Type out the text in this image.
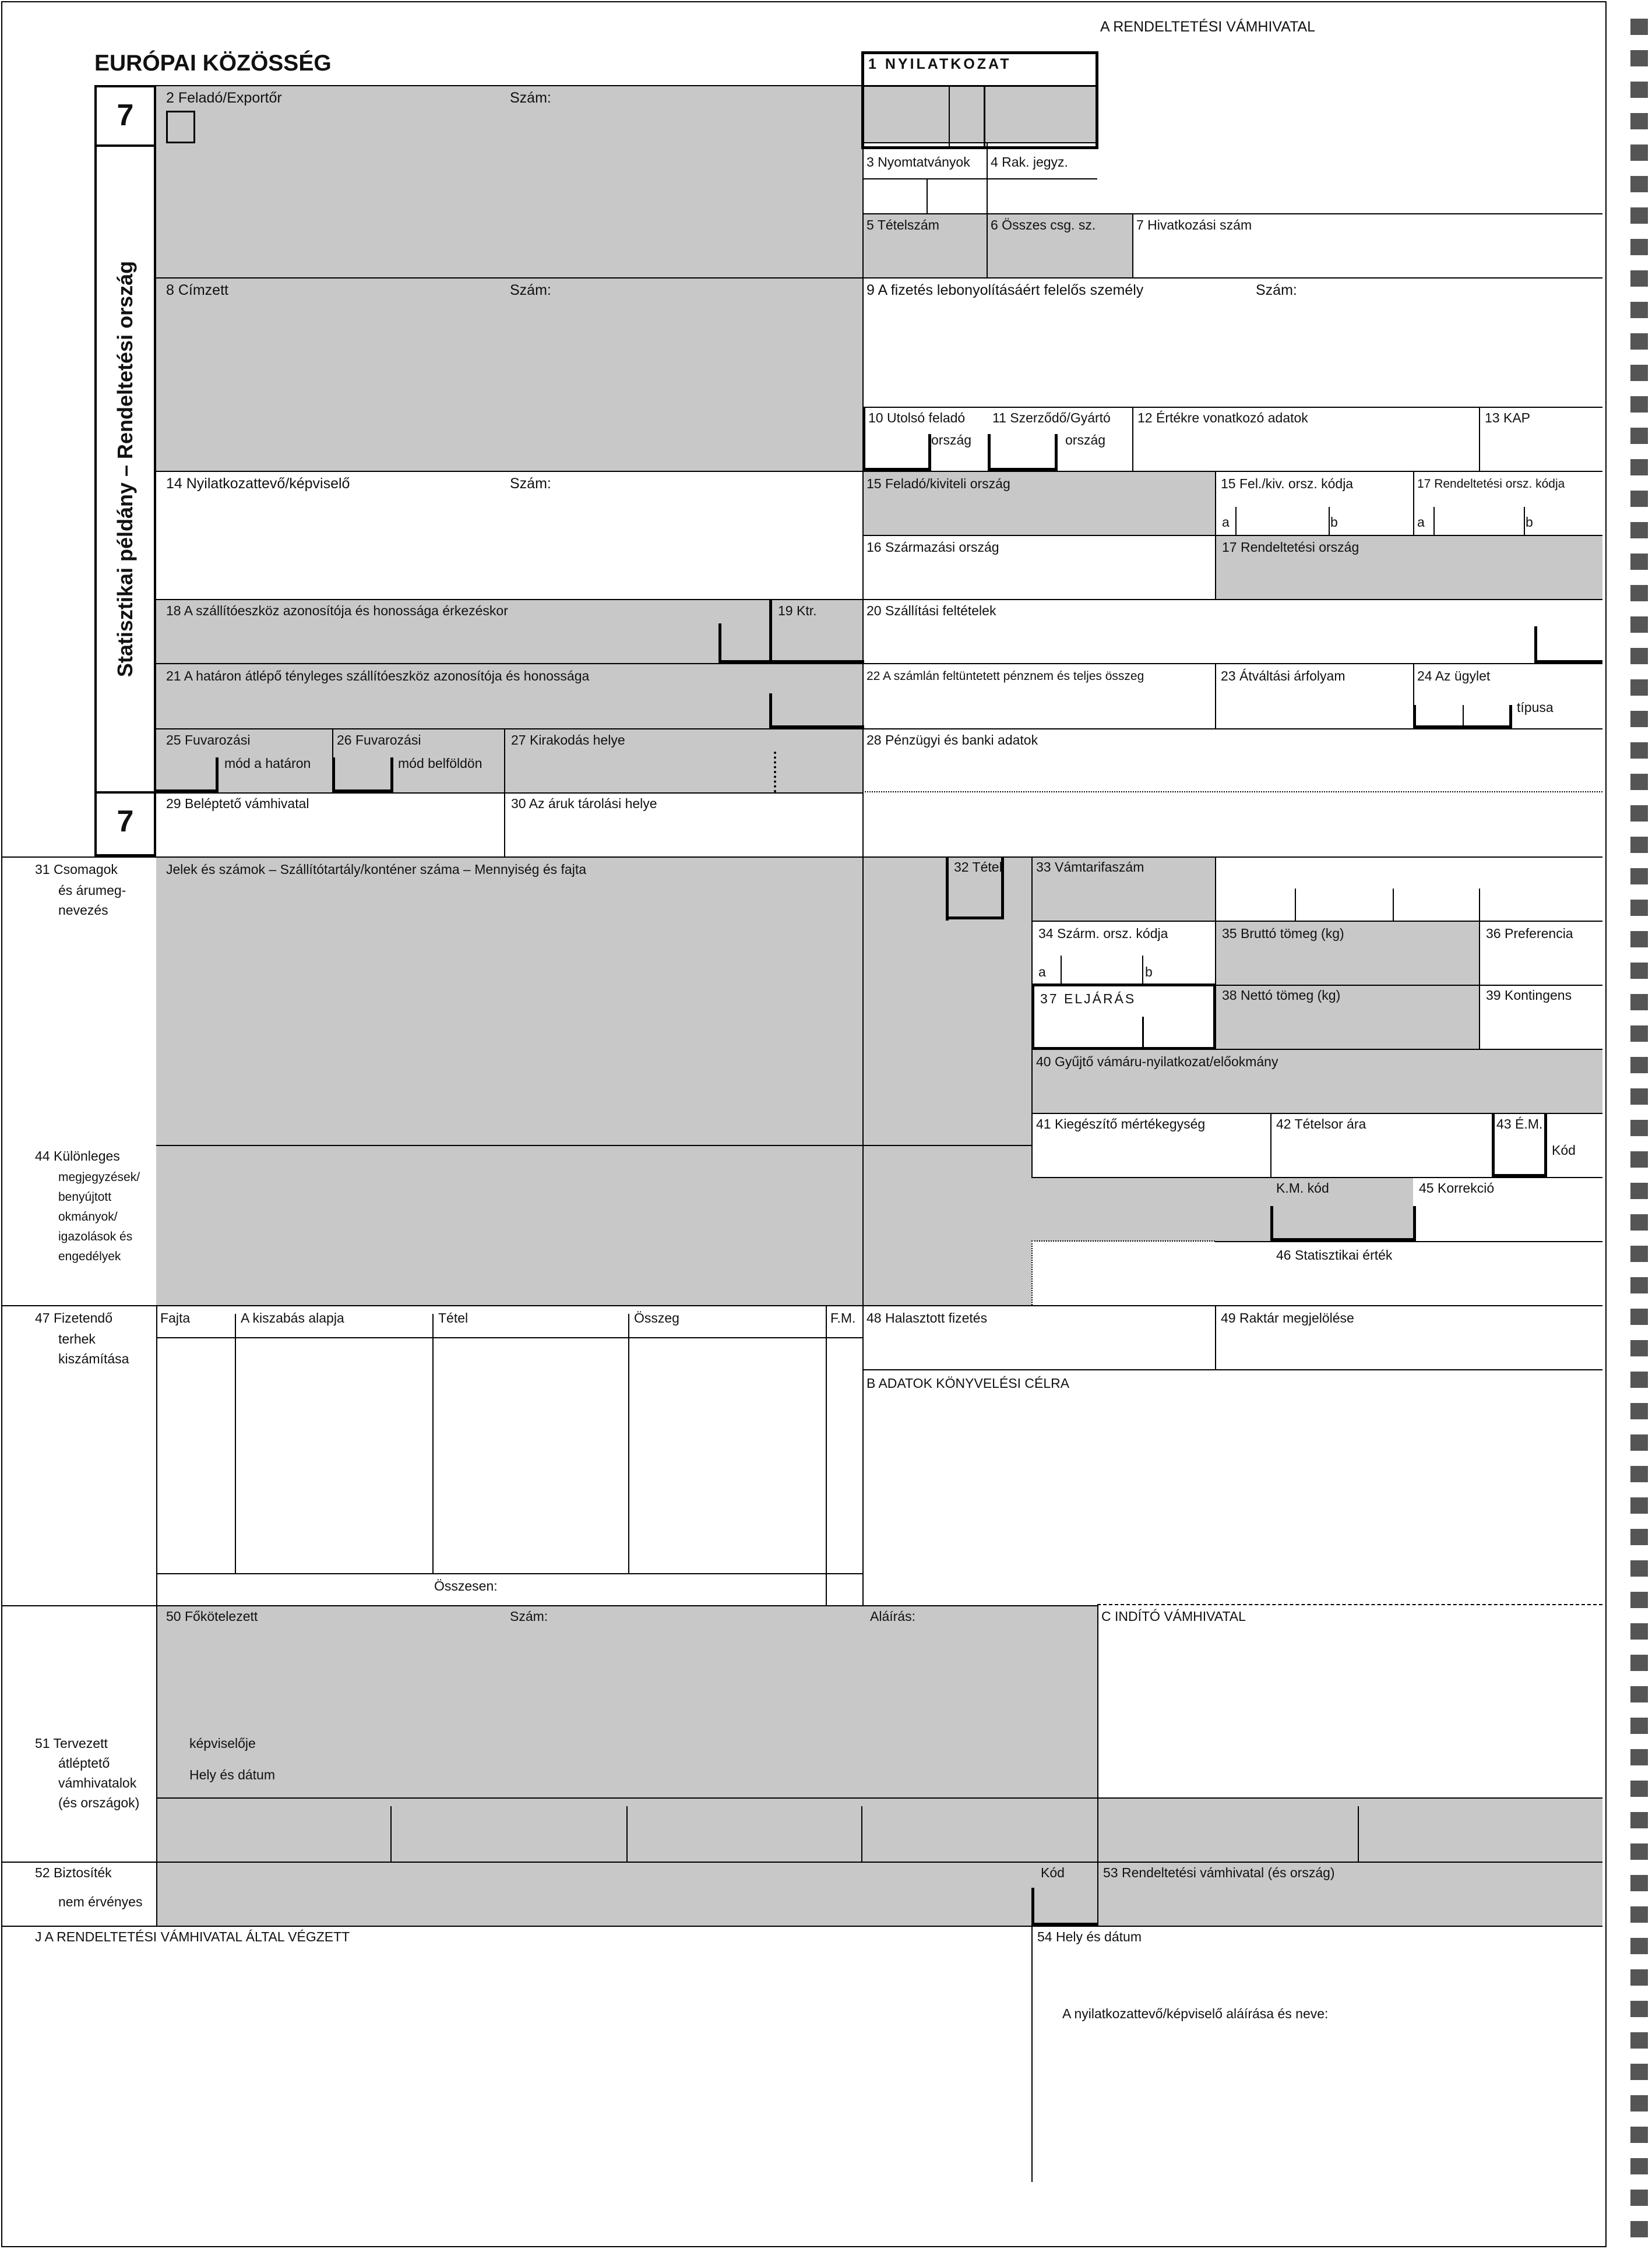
EURÓPAI KÖZÖSSÉG
7
7
Statisztikai példány – Rendeltetési ország
A RENDELTETÉSI VÁMHIVATAL
1 NYILATKOZAT
2 Feladó/Exportőr	Szám:
3 Nyomtatványok 4 Rak. jegyz.
5 Tételszám	6 Összes csg. sz.	7 Hivatkozási szám
8 Címzett	Szám:	9 A fizetés lebonyolításáért felelős személy	Szám:
10 Utolsó feladó
ország
11 Szerződő/Gyártó
ország
12 Értékre vonatkozó adatok	13 KAP
14 Nyilatkozattevő/képviselő	Szám:	15 Feladó/kiviteli ország	15 Fel./kiv. orsz. kódja	17 Rendeltetési orsz. kódja
a	b	a	b
16 Származási ország	17 Rendeltetési ország
18 A szállítóeszköz azonosítója és honossága érkezéskor	19 Ktr.	20 Szállítási feltételek
21 A határon átlépő tényleges szállítóeszköz azonosítója és honossága	22 A számlán feltüntetett pénznem és teljes összeg	23 Átváltási árfolyam	24 Az ügylet
típusa
25 Fuvarozási
mód a határon
26 Fuvarozási
mód belföldön
27 Kirakodás helye	28 Pénzügyi és banki adatok
29 Beléptető vámhivatal	30 Az áruk tárolási helye
31 Csomagok
és árumeg-
nevezés
Jelek és számok – Szállítótartály/konténer száma – Mennyiség és fajta	32 Tétel	33 Vámtarifaszám
34 Szárm. orsz. kódja
a	b
35 Bruttó tömeg (kg)	36 Preferencia
37 ELJÁRÁS	38 Nettó tömeg (kg)	39 Kontingens
40 Gyűjtő vámáru-nyilatkozat/előokmány
41 Kiegészítő mértékegység	42 Tételsor ára	43 É.M.
Kód
44 Különleges
megjegyzések/
benyújtott
okmányok/
igazolások és
engedélyek
K.M. kód	45 Korrekció
46 Statisztikai érték
47 Fizetendő
terhek
kiszámítása
Fajta	A kiszabás alapja	Tétel	Összeg	F.M.
Összesen:
48 Halasztott fizetés	49 Raktár megjelölése
B ADATOK KÖNYVELÉSI CÉLRA
50 Főkötelezett	Szám:	Aláírás:	C INDÍTÓ VÁMHIVATAL
képviselője
Hely és dátum
51 Tervezett
átléptető
vámhivatalok
(és országok)
52 Biztosíték
nem érvényes
Kód	53 Rendeltetési vámhivatal (és ország)
J A RENDELTETÉSI VÁMHIVATAL ÁLTAL VÉGZETT	54 Hely és dátum
A nyilatkozattevő/képviselő aláírása és neve:
